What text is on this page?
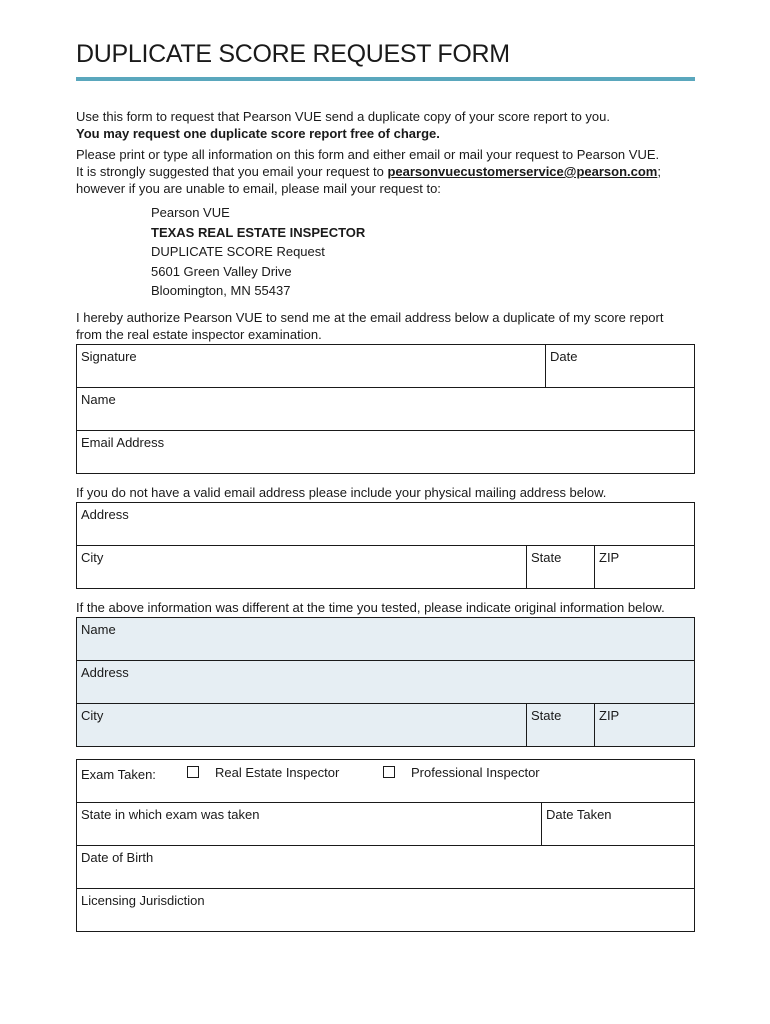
DUPLICATE SCORE REQUEST FORM
Use this form to request that Pearson VUE send a duplicate copy of your score report to you.
You may request one duplicate score report free of charge.
Please print or type all information on this form and either email or mail your request to Pearson VUE.
It is strongly suggested that you email your request to pearsonvuecustomerservice@pearson.com;
however if you are unable to email, please mail your request to:
Pearson VUE
TEXAS REAL ESTATE INSPECTOR
DUPLICATE SCORE Request
5601 Green Valley Drive
Bloomington, MN 55437
I hereby authorize Pearson VUE to send me at the email address below a duplicate of my score report
from the real estate inspector examination.
Signature	Date
Name
Email Address
If you do not have a valid email address please include your physical mailing address below.
Address
City	State	ZIP
If the above information was different at the time you tested, please indicate original information below.
Name
Address
City	State	ZIP
Exam Taken:	Real Estate Inspector	Professional Inspector
State in which exam was taken	Date Taken
Date of Birth
Licensing Jurisdiction
